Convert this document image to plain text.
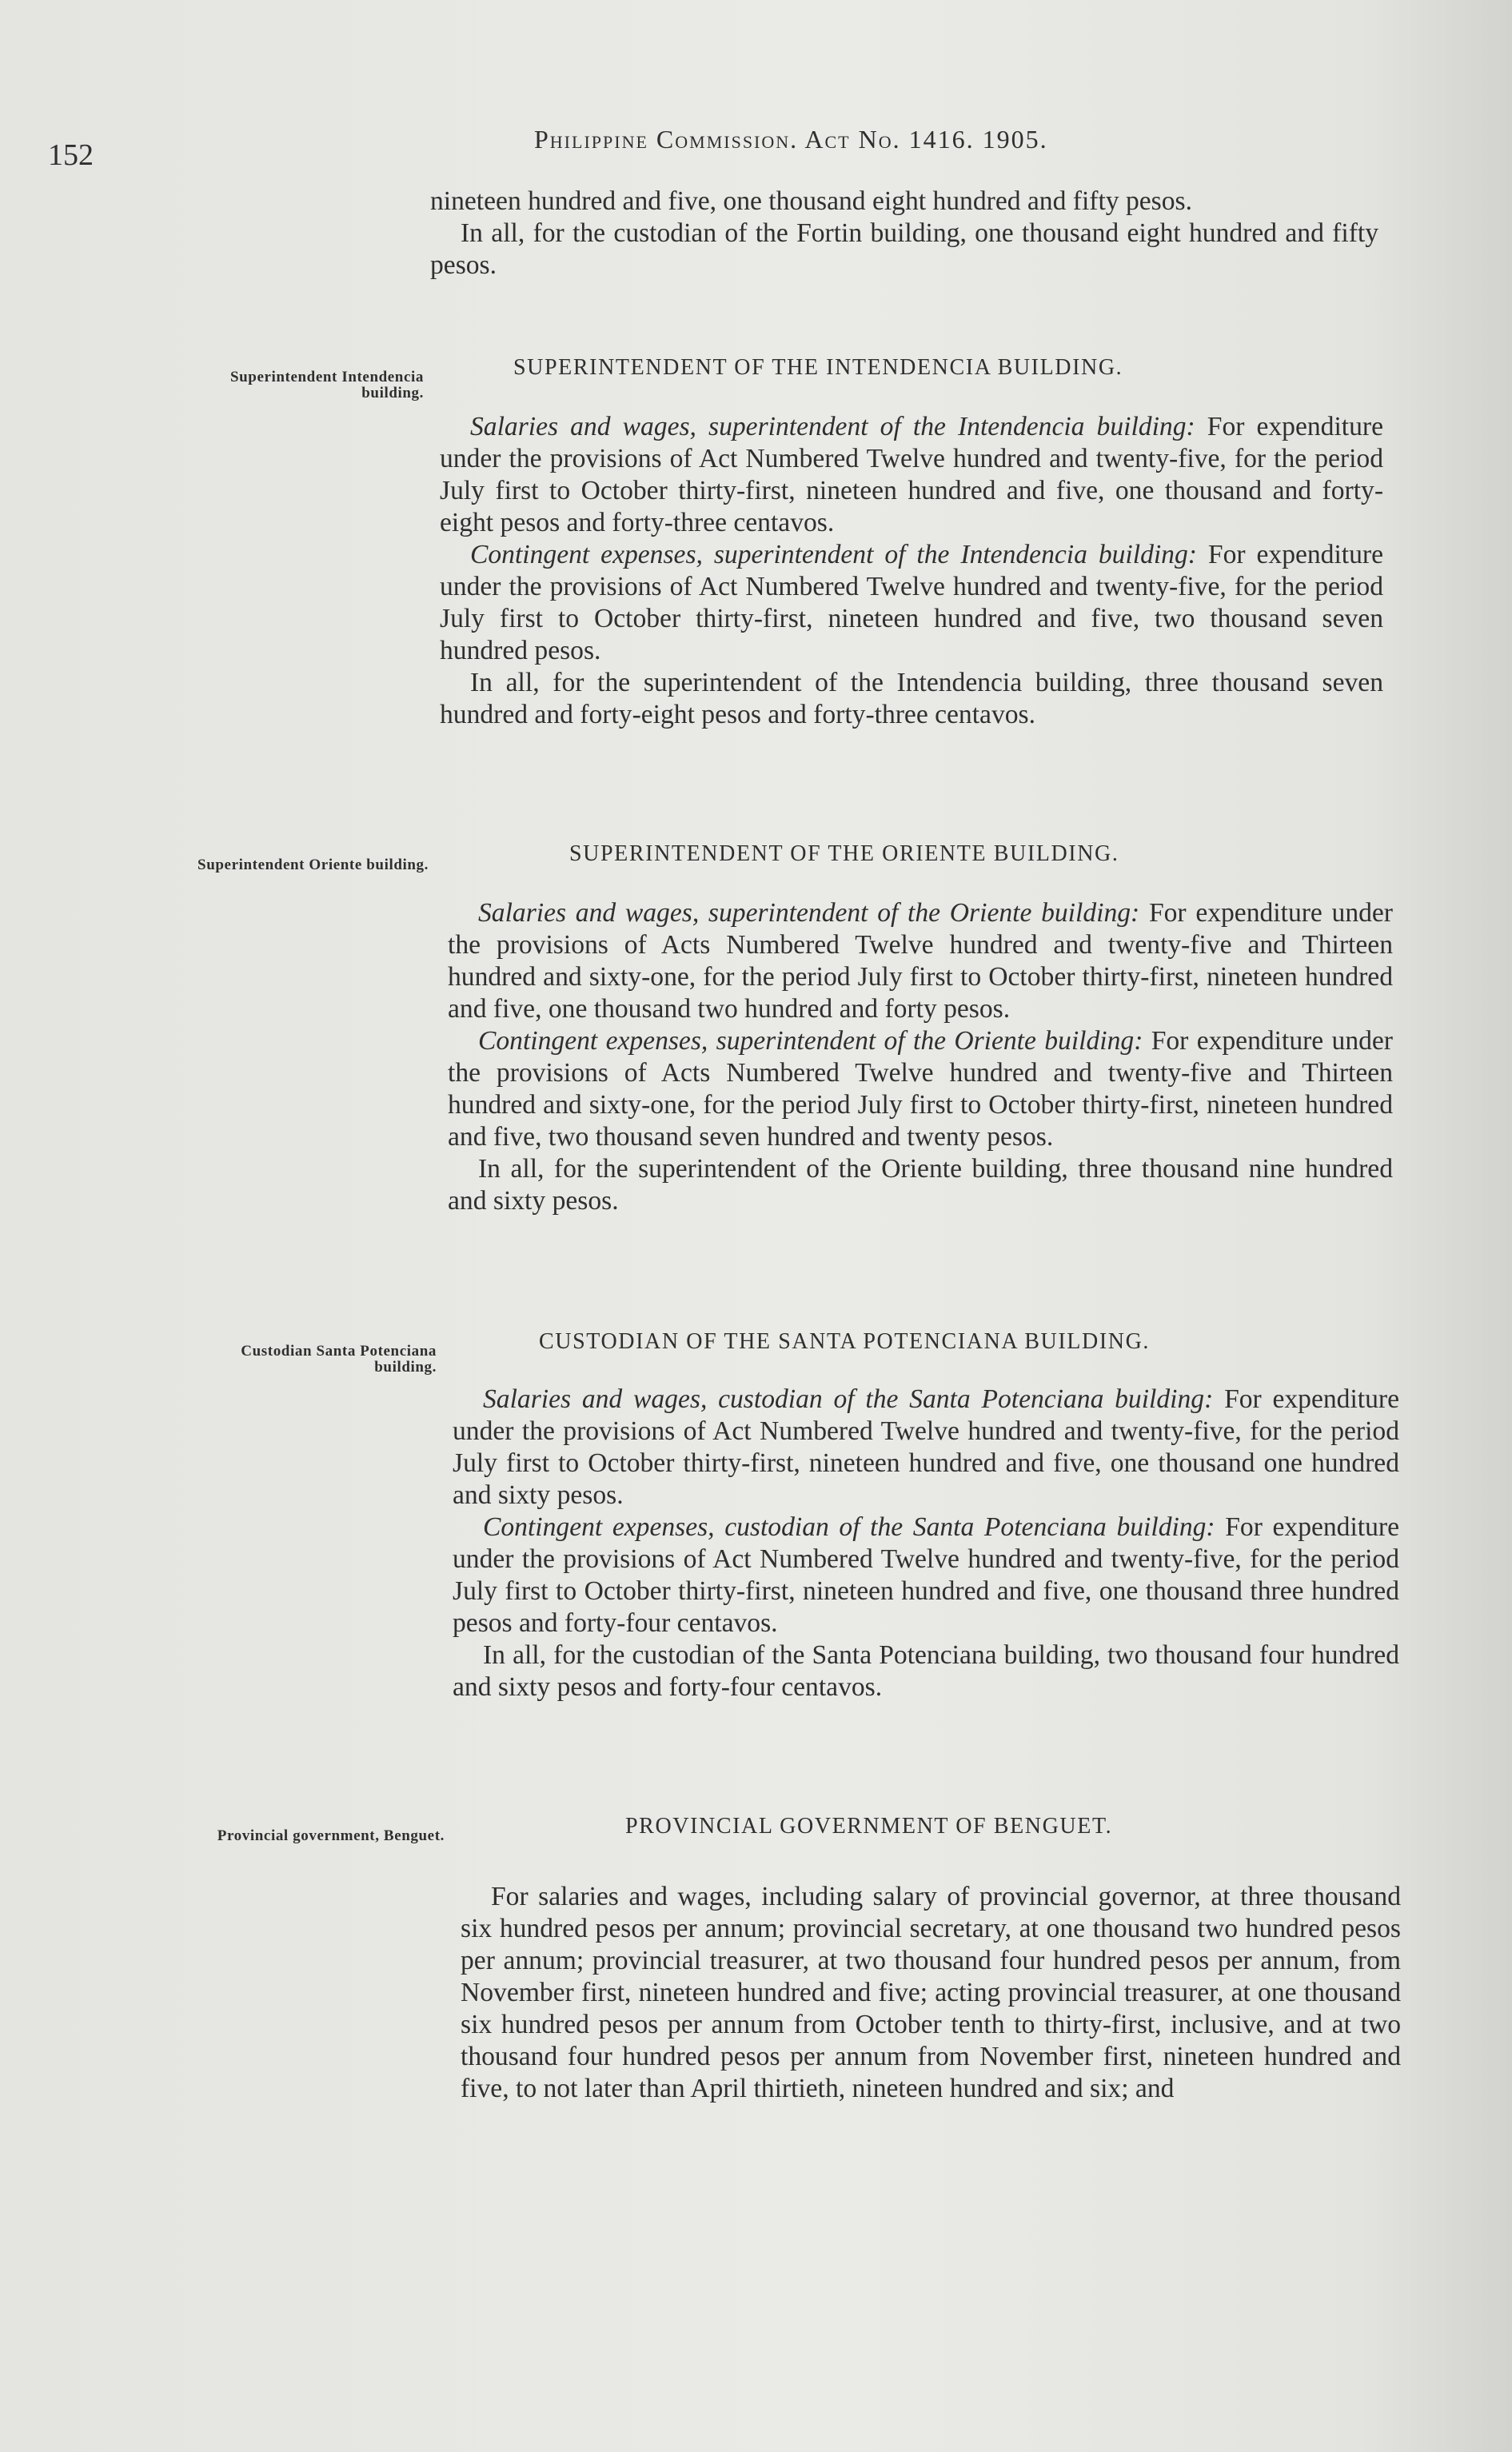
152	Philippine Commission. Act No. 1416. 1905.

nineteen hundred and five, one thousand eight hundred and fifty pesos.

In all, for the custodian of the Fortin building, one thousand eight hundred and fifty pesos.

Superintendent Intendencia building.
SUPERINTENDENT OF THE INTENDENCIA BUILDING.

Salaries and wages, superintendent of the Intendencia building: For expenditure under the provisions of Act Numbered Twelve hundred and twenty-five, for the period July first to October thirty-first, nineteen hundred and five, one thousand and forty-eight pesos and forty-three centavos.

Contingent expenses, superintendent of the Intendencia building: For expenditure under the provisions of Act Numbered Twelve hundred and twenty-five, for the period July first to October thirty-first, nineteen hundred and five, two thousand seven hundred pesos.

In all, for the superintendent of the Intendencia building, three thousand seven hundred and forty-eight pesos and forty-three centavos.

Superintendent Oriente building.	SUPERINTENDENT OF THE ORIENTE BUILDING.

Salaries and wages, superintendent of the Oriente building: For expenditure under the provisions of Acts Numbered Twelve hundred and twenty-five and Thirteen hundred and sixty-one, for the period July first to October thirty-first, nineteen hundred and five, one thousand two hundred and forty pesos.

Contingent expenses, superintendent of the Oriente building: For expenditure under the provisions of Acts Numbered Twelve hundred and twenty-five and Thirteen hundred and sixty-one, for the period July first to October thirty-first, nineteen hundred and five, two thousand seven hundred and twenty pesos.

In all, for the superintendent of the Oriente building, three thousand nine hundred and sixty pesos.

Custodian Santa Potenciana building.
CUSTODIAN OF THE SANTA POTENCIANA BUILDING.

Salaries and wages, custodian of the Santa Potenciana building: For expenditure under the provisions of Act Numbered Twelve hundred and twenty-five, for the period July first to October thirty-first, nineteen hundred and five, one thousand one hundred and sixty pesos.

Contingent expenses, custodian of the Santa Potenciana building: For expenditure under the provisions of Act Numbered Twelve hundred and twenty-five, for the period July first to October thirty-first, nineteen hundred and five, one thousand three hundred pesos and forty-four centavos.

In all, for the custodian of the Santa Potenciana building, two thousand four hundred and sixty pesos and forty-four centavos.

Provincial government, Benguet.	PROVINCIAL GOVERNMENT OF BENGUET.

For salaries and wages, including salary of provincial governor, at three thousand six hundred pesos per annum; provincial secretary, at one thousand two hundred pesos per annum; provincial treasurer, at two thousand four hundred pesos per annum, from November first, nineteen hundred and five; acting provincial treasurer, at one thousand six hundred pesos per annum from October tenth to thirty-first, inclusive, and at two thousand four hundred pesos per annum from November first, nineteen hundred and five, to not later than April thirtieth, nineteen hundred and six; and
